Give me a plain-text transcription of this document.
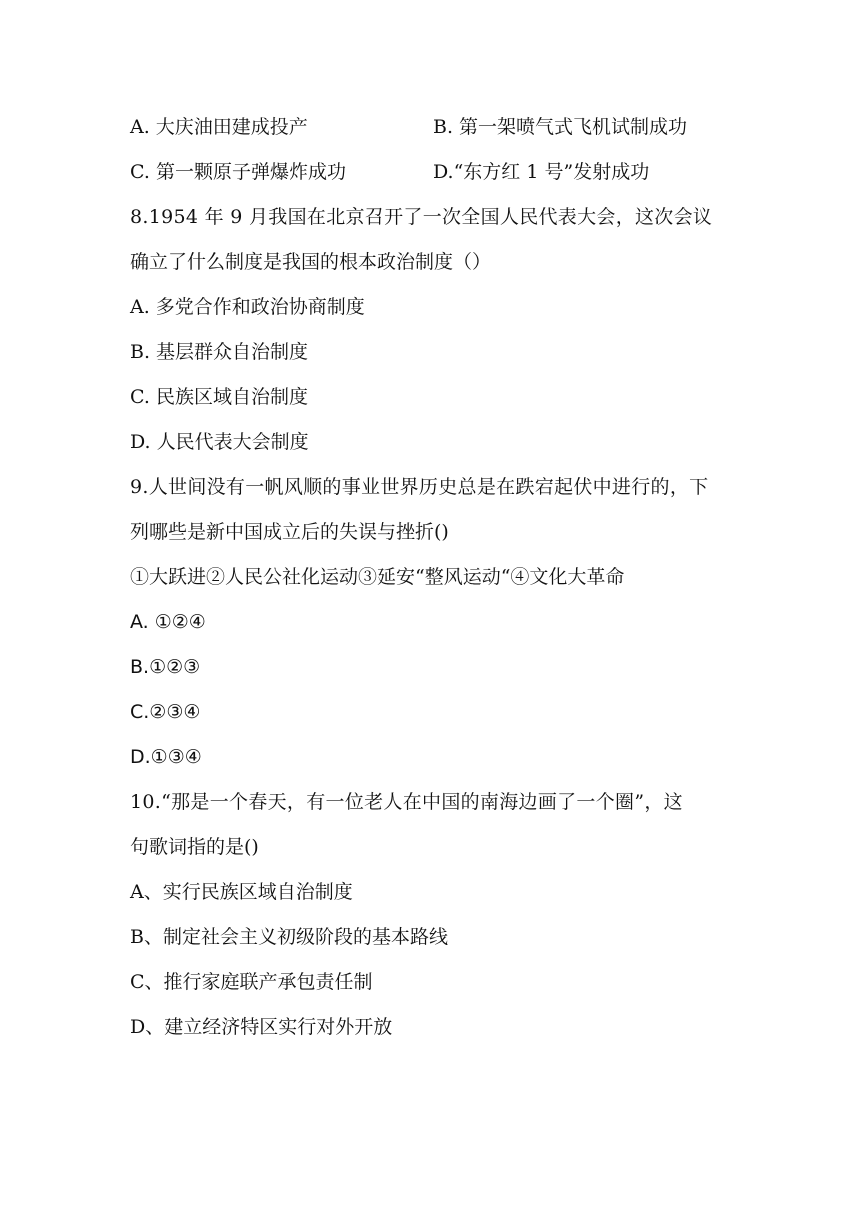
A. 大庆油田建成投产	B. 第一架喷气式飞机试制成功
C. 第一颗原子弹爆炸成功	D.“东方红 1 号”发射成功
8.1954 年 9 月我国在北京召开了一次全国人民代表大会，这次会议
确立了什么制度是我国的根本政治制度（）
A. 多党合作和政治协商制度
B. 基层群众自治制度
C. 民族区域自治制度
D. 人民代表大会制度
9.人世间没有一帆风顺的事业世界历史总是在跌宕起伏中进行的，下
列哪些是新中国成立后的失误与挫折()
①大跃进②人民公社化运动③延安“整风运动“④文化大革命
A. ①②④
B.①②③
C.②③④
D.①③④
10.“那是一个春天，有一位老人在中国的南海边画了一个圈”，这
句歌词指的是()
A、实行民族区域自治制度
B、制定社会主义初级阶段的基本路线
C、推行家庭联产承包责任制
D、建立经济特区实行对外开放
